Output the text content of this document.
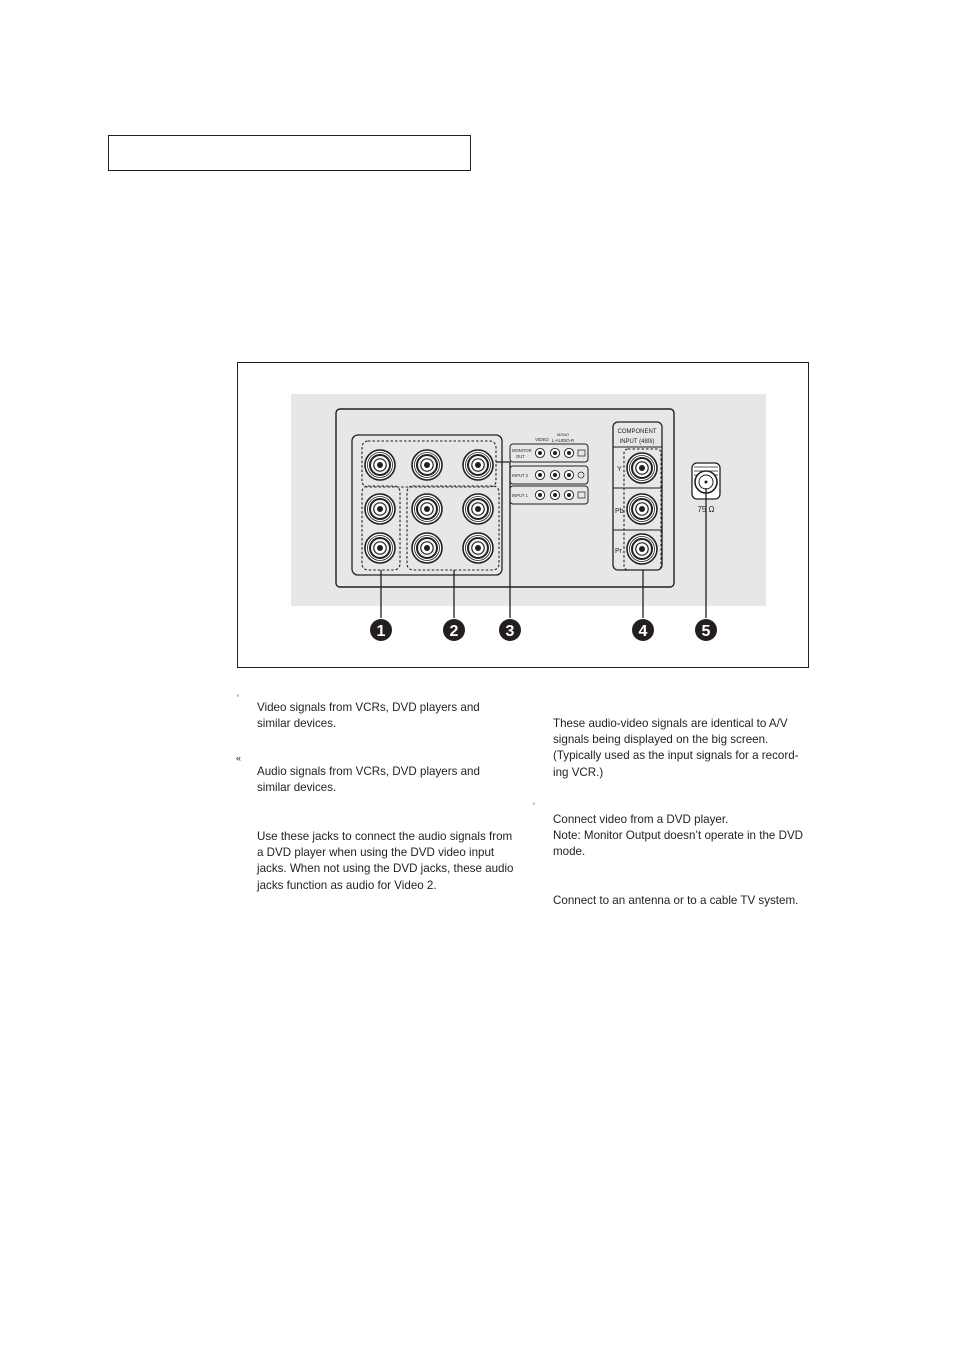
MONO
VIDEO L-AUDIO-R
MONITOR
OUT
INPUT 2
INPUT 1
COMPONENT
INPUT (480i)
Y
Pb
Pr
75 Ω
1	2	3	4	5
‘
Video signals from VCRs, DVD players and similar devices.
«
Audio signals from VCRs, DVD players and similar devices.
Use these jacks to connect the audio signals from a DVD player when using the DVD video input jacks. When not using the DVD jacks, these audio jacks function as audio for Video 2.
These audio-video signals are identical to A/V signals being displayed on the big screen. (Typically used as the input signals for a record-ing VCR.)
‘
Connect video from a DVD player.
Note: Monitor Output doesn’t operate in the DVD mode.
Connect to an antenna or to a cable TV system.
